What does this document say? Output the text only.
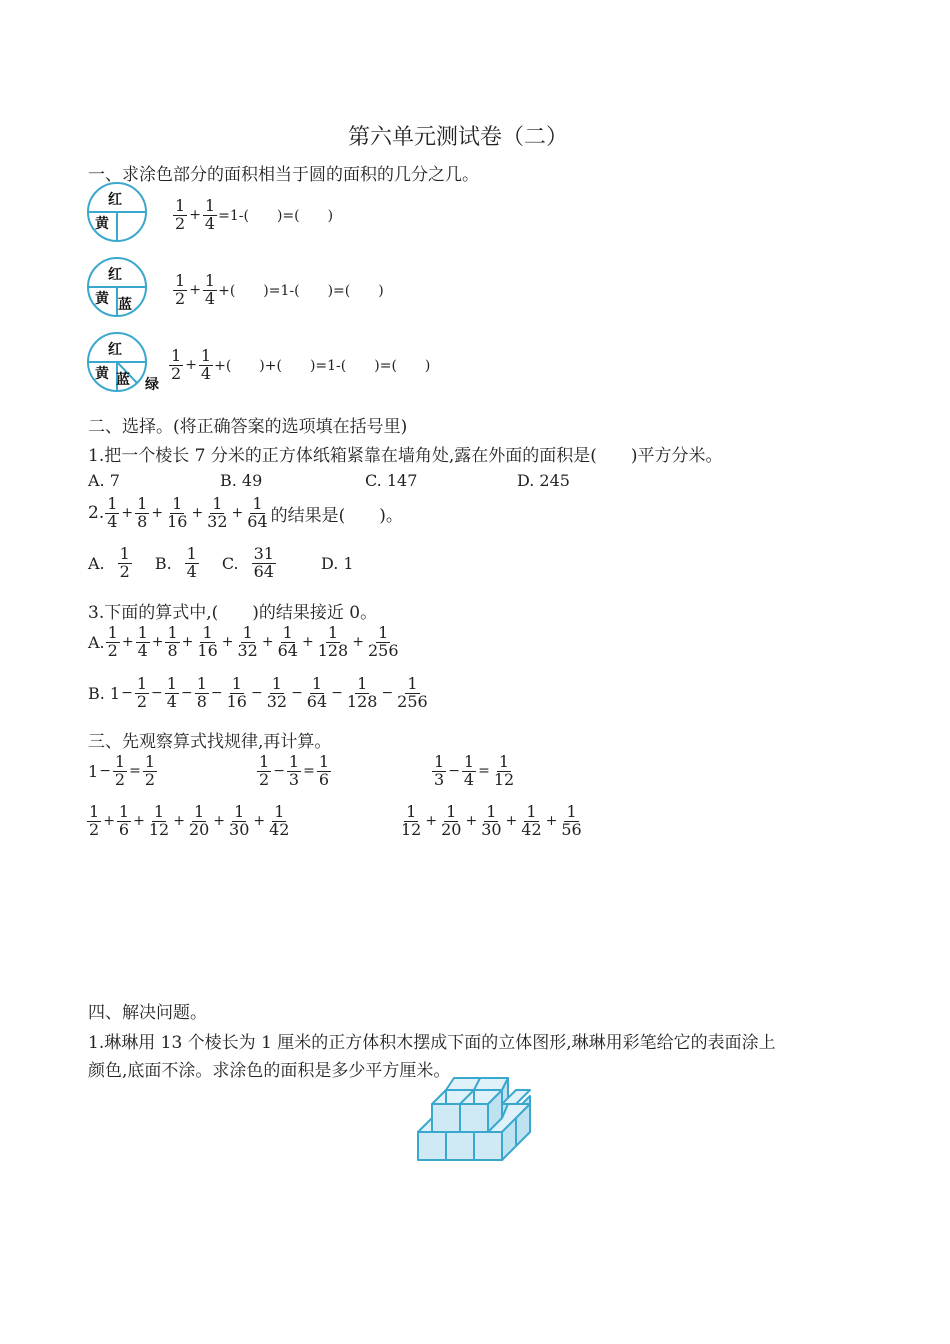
第六单元测试卷（二）
一、求涂色部分的面积相当于圆的面积的几分之几。
红
黄	$\frac{1}{2} + \frac{1}{4} =1-$(　　)=(　　)
红
黄 蓝	$\frac{1}{2} + \frac{1}{4}$ +(　　)=1-(　　)=(　　)
红
黄 蓝 绿
$\frac{1}{2} + \frac{1}{4}$ +(　　)+(　　)=1-(　　)=(　　)
二、选择。(将正确答案的选项填在括号里)
1.把一个棱长 7 分米的正方体纸箱紧靠在墙角处,露在外面的面积是(　　)平方分米。
A. 7	B. 49	C. 147	D. 245
2. $\frac{1}{4} + \frac{1}{8} + \frac{1}{16} + \frac{1}{32} + \frac{1}{64}$ 的结果是(　　)。
A. $\frac{1}{2} B$. $\frac{1}{4} C$. $\frac{31}{64}$	D. 1
3.下面的算式中,(　　)的结果接近 0。
A. $\frac{1}{2} + \frac{1}{4} + \frac{1}{8} + \frac{1}{16} + \frac{1}{32} + \frac{1}{64} + \frac{1}{128} + \frac{1}{256}$
B. $1 - \frac{1}{2} - \frac{1}{4} - \frac{1}{8} - \frac{1}{16} - \frac{1}{32} - \frac{1}{64} - \frac{1}{128} - \frac{1}{256}$
三、先观察算式找规律,再计算。
$1 - \frac{1}{2} = \frac{1}{2}$	$\frac{1}{2} - \frac{1}{3} = \frac{1}{6}$	$\frac{1}{3} - \frac{1}{4} = \frac{1}{12}$
$\frac{1}{2} + \frac{1}{6} + \frac{1}{12} + \frac{1}{20} + \frac{1}{30} + \frac{1}{42}$	$\frac{1}{12} + \frac{1}{20} + \frac{1}{30} + \frac{1}{42} + \frac{1}{56}$
四、解决问题。
1.琳琳用 13 个棱长为 1 厘米的正方体积木摆成下面的立体图形,琳琳用彩笔给它的表面涂上
颜色,底面不涂。求涂色的面积是多少平方厘米。
